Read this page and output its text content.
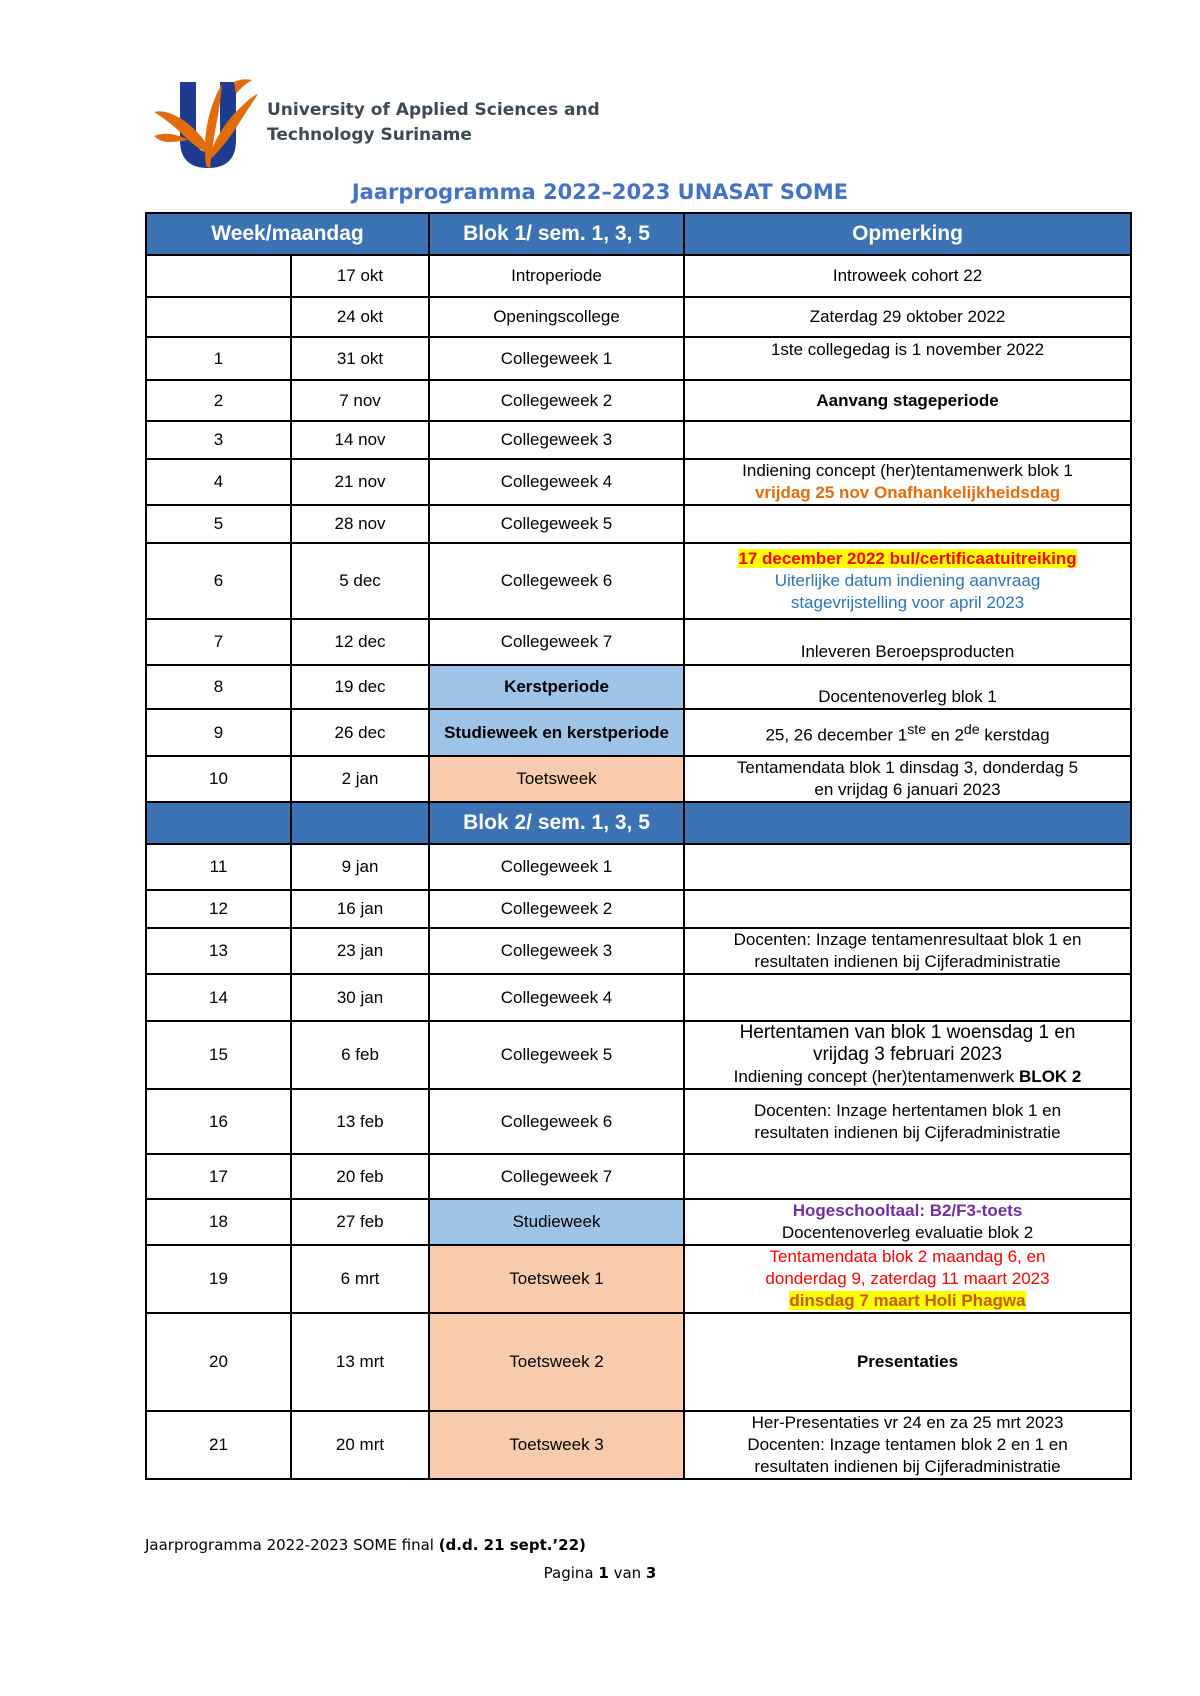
University of Applied Sciences and
Technology Suriname
Jaarprogramma 2022–2023 UNASAT SOME
Week/maandag		Blok 1/ sem. 1, 3, 5	Opmerking
	17 okt	Introperiode	Introweek cohort 22
	24 okt	Openingscollege	Zaterdag 29 oktober 2022
1	31 okt	Collegeweek 1	1ste collegedag is 1 november 2022
2	7 nov	Collegeweek 2	Aanvang stageperiode
3	14 nov	Collegeweek 3	
4	21 nov	Collegeweek 4	Indiening concept (her)tentamenwerk blok 1
vrijdag 25 nov Onafhankelijkheidsdag
5	28 nov	Collegeweek 5	
6	5 dec	Collegeweek 6	17 december 2022 bul/certificaatuitreiking
Uiterlijke datum indiening aanvraag
stagevrijstelling voor april 2023
7	12 dec	Collegeweek 7	Inleveren Beroepsproducten
8	19 dec	Kerstperiode	Docentenoverleg blok 1
9	26 dec	Studieweek en kerstperiode	25, 26 december 1ste en 2de kerstdag
10	2 jan	Toetsweek	Tentamendata blok 1 dinsdag 3, donderdag 5
en vrijdag 6 januari 2023
		Blok 2/ sem. 1, 3, 5	
11	9 jan	Collegeweek 1	
12	16 jan	Collegeweek 2	
13	23 jan	Collegeweek 3	Docenten: Inzage tentamenresultaat blok 1 en
resultaten indienen bij Cijferadministratie
14	30 jan	Collegeweek 4	
15	6 feb	Collegeweek 5	Hertentamen van blok 1 woensdag 1 en
vrijdag 3 februari 2023
Indiening concept (her)tentamenwerk BLOK 2
16	13 feb	Collegeweek 6	Docenten: Inzage hertentamen blok 1 en
resultaten indienen bij Cijferadministratie
17	20 feb	Collegeweek 7	
18	27 feb	Studieweek	Hogeschooltaal: B2/F3-toets
Docentenoverleg evaluatie blok 2
19	6 mrt	Toetsweek 1	Tentamendata blok 2 maandag 6, en
donderdag 9, zaterdag 11 maart 2023
dinsdag 7 maart Holi Phagwa
20	13 mrt	Toetsweek 2	Presentaties
21	20 mrt	Toetsweek 3	Her-Presentaties vr 24 en za 25 mrt 2023
Docenten: Inzage tentamen blok 2 en 1 en
resultaten indienen bij Cijferadministratie
Jaarprogramma 2022-2023 SOME final (d.d. 21 sept.’22)
Pagina 1 van 3
